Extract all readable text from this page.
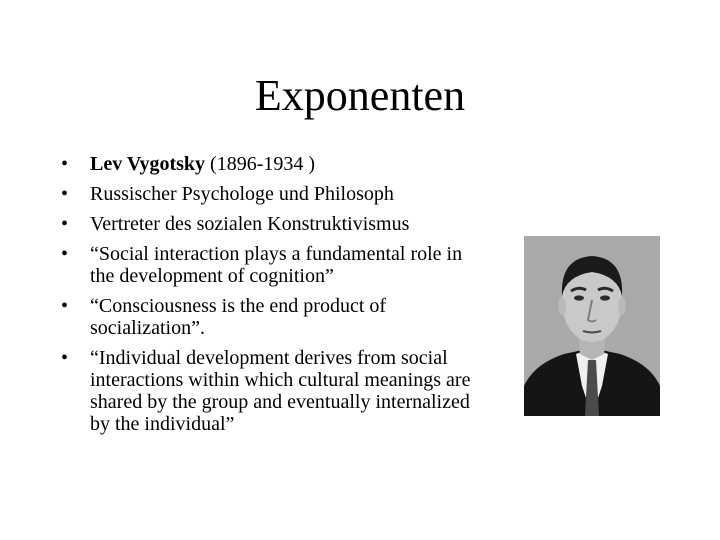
Exponenten
• Lev Vygotsky (1896-1934 )
• Russischer Psychologe und Philosoph
• Vertreter des sozialen Konstruktivismus
• “Social interaction plays a fundamental role in the development of cognition”
• “Consciousness is the end product of socialization”.
• “Individual development derives from social interactions within which cultural meanings are shared by the group and eventually internalized by the individual”
